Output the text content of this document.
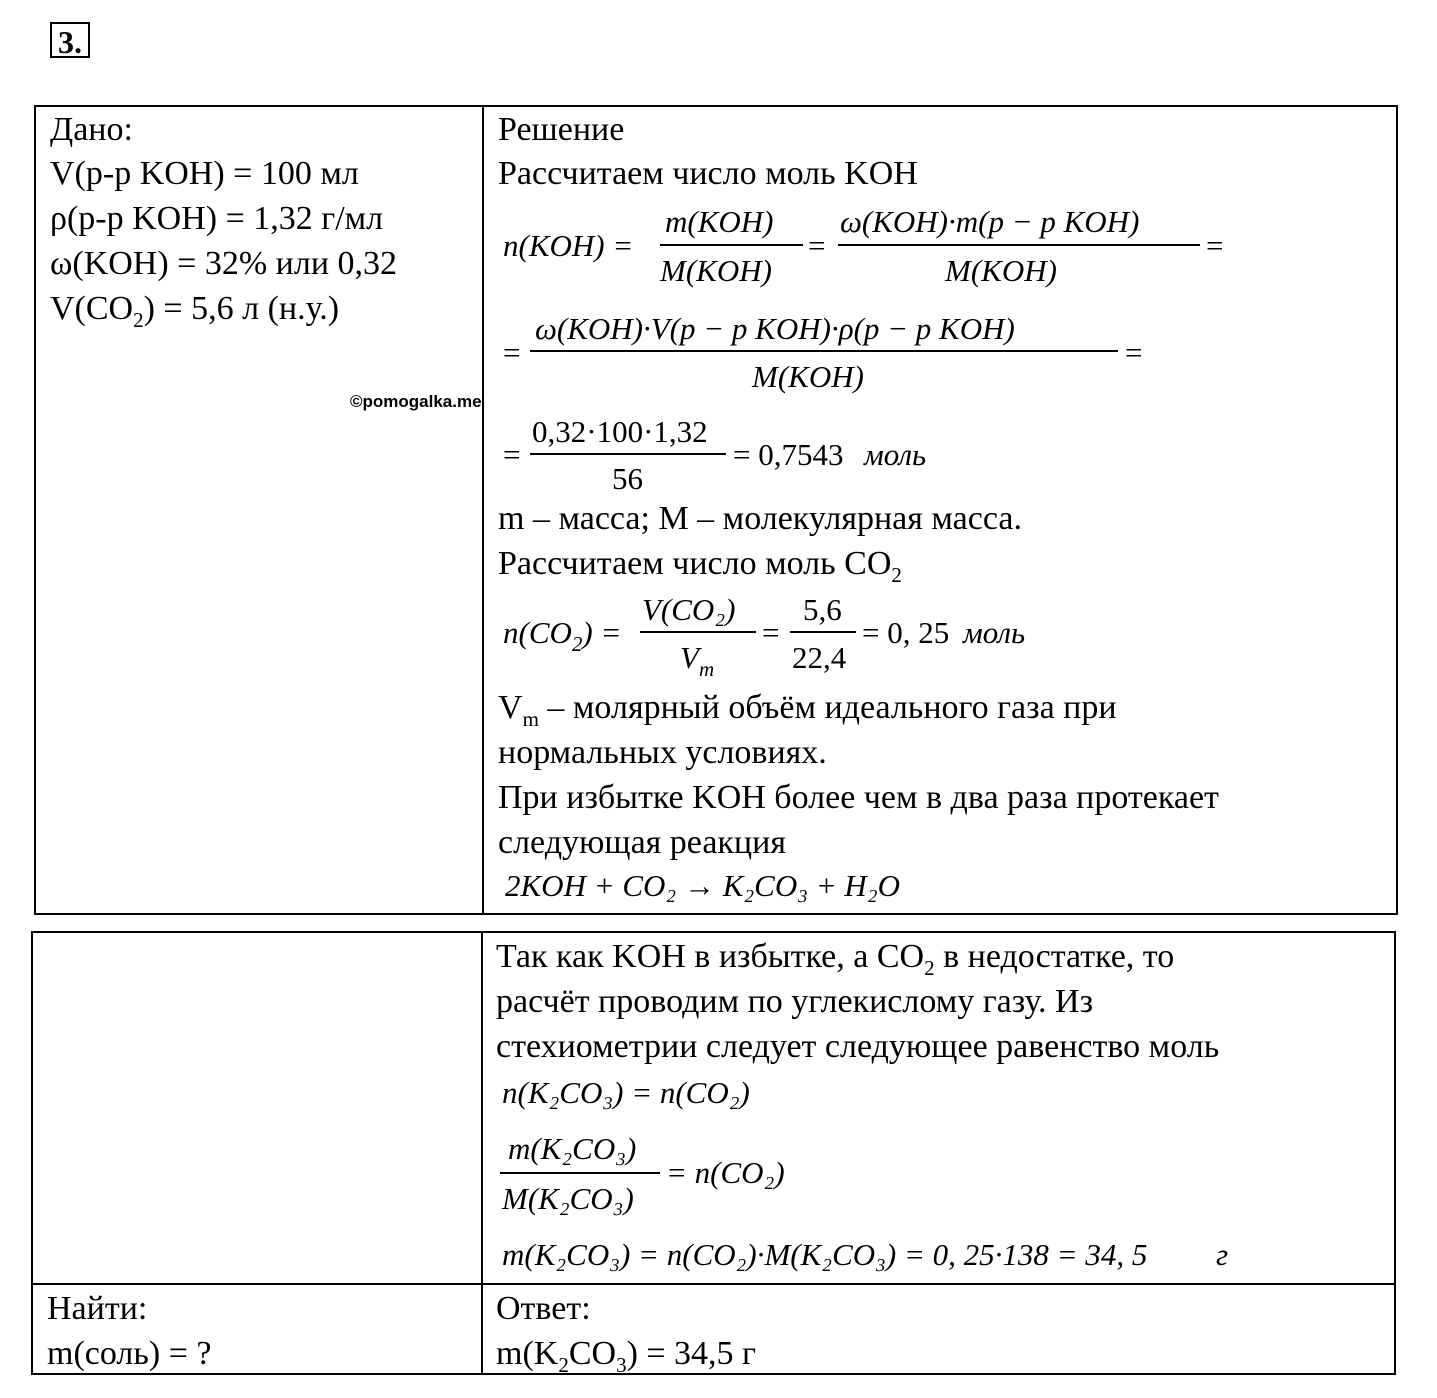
3.
Дано:
V(р-р KOH) = 100 мл
ρ(р-р KOH) = 1,32 г/мл
ω(KOH) = 32% или 0,32
$V(CO_2) = 5,6$ л (н.у.)
©pomogalka.me
Решение
Рассчитаем число моль KOH
n(KOH) =
m(KOH)
M(KOH)
=
ω(KOH)·m(p − p KOH)
M(KOH)
=
=
ω(KOH)·V(p − p KOH)·ρ(p − p KOH)
M(KOH)
=
=
0,32·100·1,32
56
= 0,7543 моль
m – масса; M – молекулярная масса.
Рассчитаем число моль $CO_2$
$n(CO_2)$ =
V(CO₂)
$V_m$
=
5,6
22,4
= 0, 25 моль
$V_m$ – молярный объём идеального газа при
нормальных условиях.
При избытке KOH более чем в два раза протекает
следующая реакция
2KOH + CO₂ → K₂CO₃ + H₂O
Так как KOH в избытке, а $CO_2$ в недостатке, то
расчёт проводим по углекислому газу. Из
стехиометрии следует следующее равенство моль
n(K₂CO₃) = n(CO₂)
m(K₂CO₃)
M(K₂CO₃)
= n(CO₂)
m(K₂CO₃) = n(CO₂)·M(K₂CO₃) = 0, 25·138 = 34, 5 г
Найти:
m(соль) = ?
Ответ:
$m(K_2CO_3) = 34,5$ г
